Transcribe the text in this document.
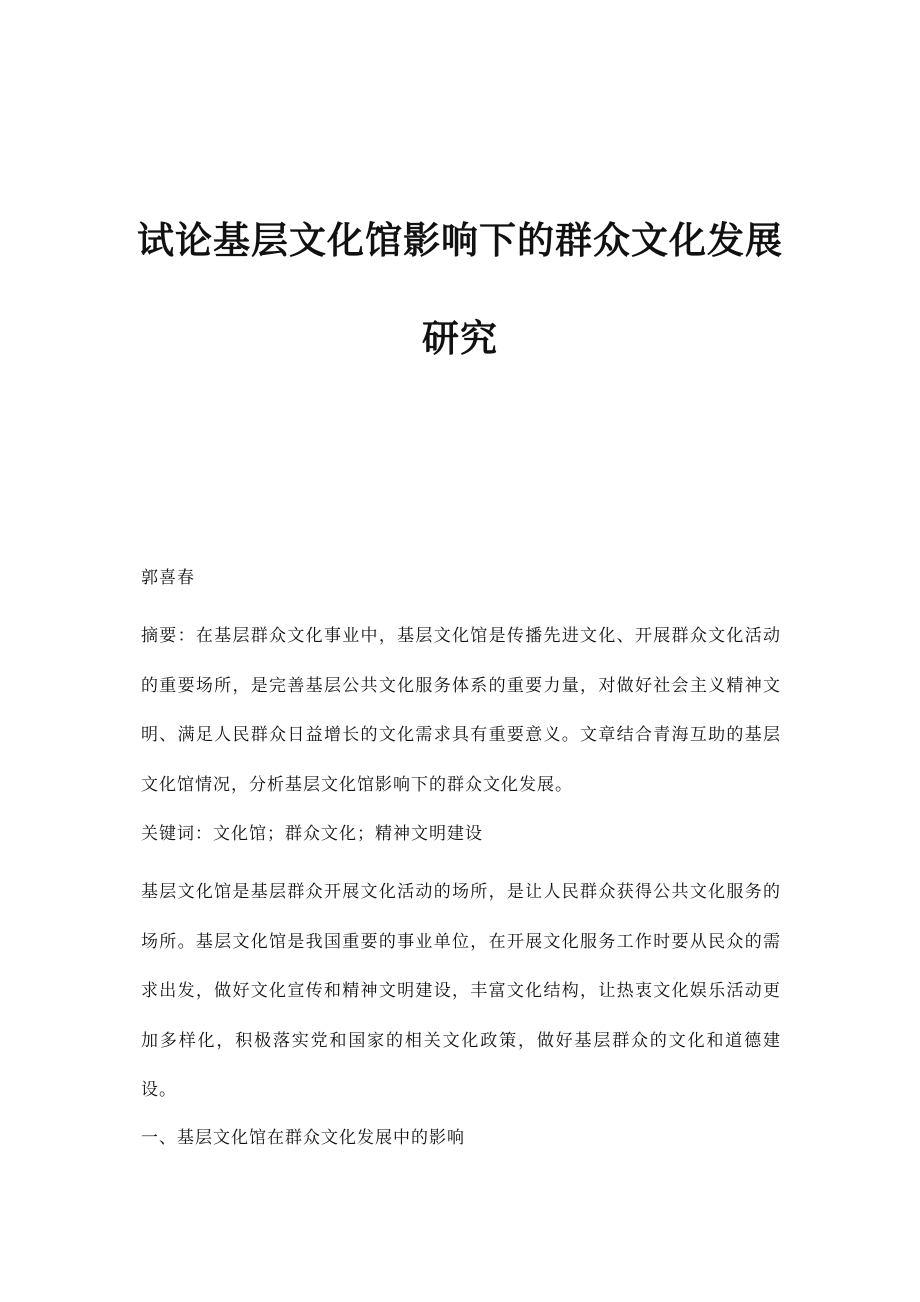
试论基层文化馆影响下的群众文化发展
研究
郭喜春

摘要：在基层群众文化事业中，基层文化馆是传播先进文化、开展群众文化活动的重要场所，是完善基层公共文化服务体系的重要力量，对做好社会主义精神文明、满足人民群众日益增长的文化需求具有重要意义。文章结合青海互助的基层文化馆情况，分析基层文化馆影响下的群众文化发展。

关键词：文化馆；群众文化；精神文明建设

基层文化馆是基层群众开展文化活动的场所，是让人民群众获得公共文化服务的场所。基层文化馆是我国重要的事业单位，在开展文化服务工作时要从民众的需求出发，做好文化宣传和精神文明建设，丰富文化结构，让热衷文化娱乐活动更加多样化，积极落实党和国家的相关文化政策，做好基层群众的文化和道德建设。

一、基层文化馆在群众文化发展中的影响
